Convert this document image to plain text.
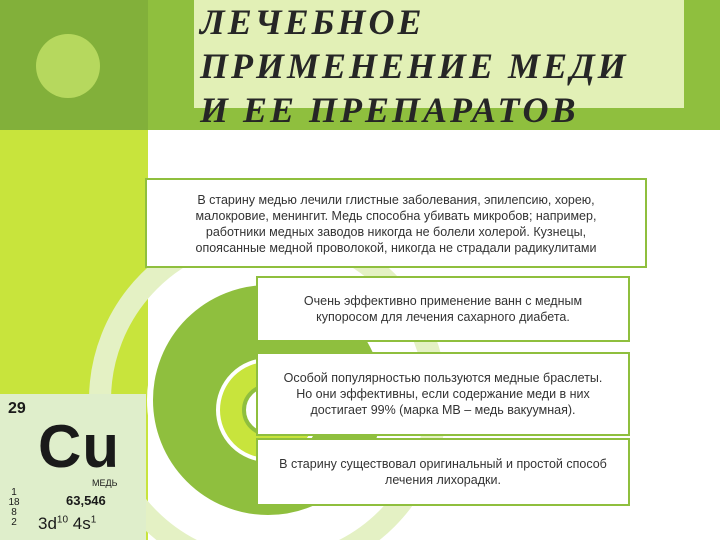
ЛЕЧЕБНОЕ
ПРИМЕНЕНИЕ МЕДИ
И ЕЕ ПРЕПАРАТОВ
В старину медью лечили глистные заболевания, эпилепсию, хорею,
малокровие, менингит. Медь способна убивать микробов; например,
работники медных заводов никогда не болели холерой. Кузнецы,
опоясанные медной проволокой, никогда не страдали радикулитами
Очень эффективно применение ванн с медным
купоросом для лечения сахарного диабета.
Особой популярностью пользуются медные браслеты.
Но они эффективны, если содержание меди в них
достигает 99% (марка МВ – медь вакуумная).
В старину существовал оригинальный и простой способ
лечения лихорадки.
29
Cu
МЕДЬ
63,546
1
18
8
2 $3d^{10}$ $4s^1$
